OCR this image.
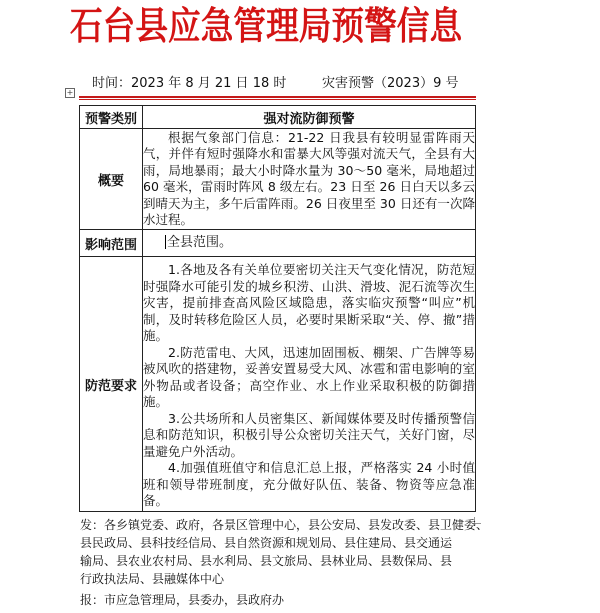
石台县应急管理局预警信息
时间：2023 年 8 月 21 日 18 时	灾害预警（2023）9 号
+
预警类别	强对流防御预警
概要	根据气象部门信息：21-22 日我县有较明显雷阵雨天气，并伴有短时强降水和雷暴大风等强对流天气，全县有大雨，局地暴雨；最大小时降水量为 30～50 毫米，局地超过 60 毫米，雷雨时阵风 8 级左右。23 日至 26 日白天以多云到晴天为主，多午后雷阵雨。26 日夜里至 30 日还有一次降水过程。

影响范围	全县范围。
防范要求	1.各地及各有关单位要密切关注天气变化情况，防范短时强降水可能引发的城乡积涝、山洪、滑坡、泥石流等次生灾害，提前排查高风险区域隐患，落实临灾预警“叫应”机制，及时转移危险区人员，必要时果断采取“关、停、撤”措施。

2.防范雷电、大风，迅速加固围板、棚架、广告牌等易被风吹的搭建物，妥善安置易受大风、冰雹和雷电影响的室外物品或者设备；高空作业、水上作业采取积极的防御措施。

3.公共场所和人员密集区、新闻媒体要及时传播预警信息和防范知识，积极引导公众密切关注天气，关好门窗，尽量避免户外活动。

4.加强值班值守和信息汇总上报，严格落实 24 小时值班和领导带班制度，充分做好队伍、装备、物资等应急准备。

发：各乡镇党委、政府，各景区管理中心，县公安局、县发改委、县卫健委、
县民政局、县科技经信局、县自然资源和规划局、县住建局、县交通运
输局、县农业农村局、县水利局、县文旅局、县林业局、县数保局、县
行政执法局、县融媒体中心
报：市应急管理局，县委办，县政府办
